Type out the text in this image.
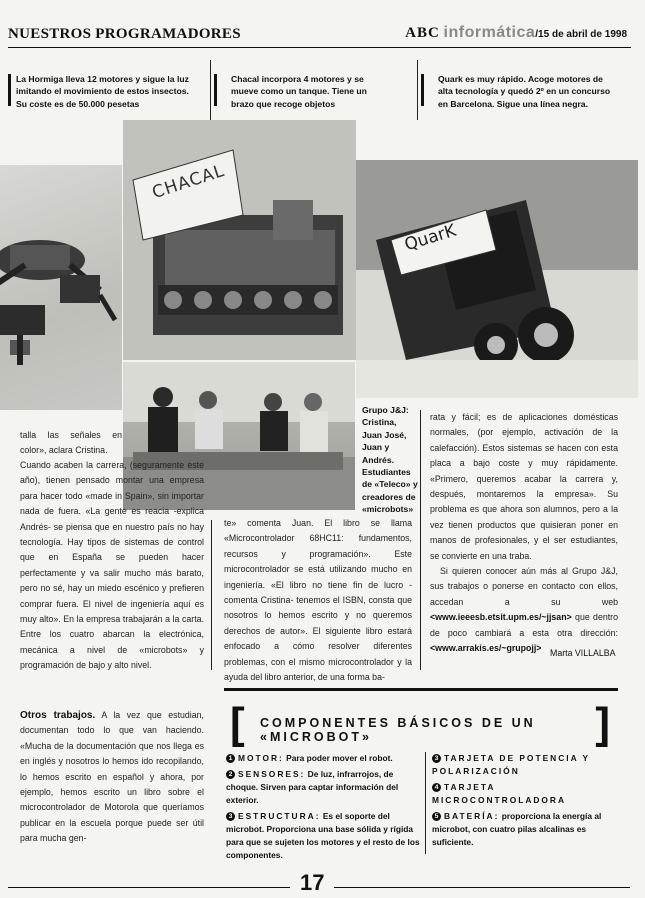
NUESTROS PROGRAMADORES	ABC informática/15 de abril de 1998
La Hormiga lleva 12 motores y sigue la luz imitando el movimiento de estos insectos. Su coste es de 50.000 pesetas
Chacal incorpora 4 motores y se mueve como un tanque. Tiene un brazo que recoge objetos
Quark es muy rápido. Acoge motores de alta tecnología y quedó 2º en un concurso en Barcelona. Sigue una línea negra.
CHACAL
QuarK
Grupo J&J: Cristina, Juan José, Juan y Andrés. Estudiantes de «Teleco» y creadores de «microbots»

talla las señales en color», aclara Cristina.

Cuando acaben la carrera, (seguramente este año), tienen pensado montar una empresa para hacer todo «made in Spain», sin importar nada de fuera. «La gente es reacia -explica Andrés- se piensa que en nuestro país no hay tecnología. Hay tipos de sistemas de control que en España se pueden hacer perfectamente y va salir mucho más barato, pero no sé, hay un miedo escénico y prefieren comprar fuera. El nivel de ingeniería aquí es muy alto». En la empresa trabajarán a la carta. Entre los cuatro abarcan la electrónica, mecánica a nivel de «microbots» y programación de bajo y alto nivel.

Otros trabajos. A la vez que estudian, documentan todo lo que van haciendo. «Mucha de la documentación que nos llega es en inglés y nosotros lo hemos ido recopilando, lo hemos escrito en español y ahora, por ejemplo, hemos escrito un libro sobre el microcontrolador de Motorola que queríamos publicar en la escuela porque puede ser útil para mucha gen-

te» comenta Juan. El libro se llama «Microcontrolador 68HC11: fundamentos, recursos y programación». Este microcontrolador se está utilizando mucho en ingeniería. «El libro no tiene fin de lucro -comenta Cristina- tenemos el ISBN, consta que nosotros lo hemos escrito y no queremos derechos de autor». El siguiente libro estará enfocado a cómo resolver diferentes problemas, con el mismo microcontrolador y la ayuda del libro anterior, de una forma ba-

rata y fácil; es de aplicaciones domésticas normales, (por ejemplo, activación de la calefacción). Estos sistemas se hacen con esta placa a bajo coste y muy rápidamente. «Primero, queremos acabar la carrera y, después, montaremos la empresa». Su problema es que ahora son alumnos, pero a la vez tienen productos que quisieran poner en manos de profesionales, y el ser estudiantes, se convierte en una traba.

Si quieren conocer aún más al Grupo J&J, sus trabajos o ponerse en contacto con ellos, accedan a su web <www.ieeesb.etsit.upm.es/~jjsan> que dentro de poco cambiará a esta otra dirección: <www.arrakis.es/~grupojj> Marta VILLALBA
[ COMPONENTES BÁSICOS DE UN «MICROBOT»	]
1 MOTOR: Para poder mover el robot.
2 SENSORES: De luz, infrarrojos, de choque. Sirven para captar información del exterior.
3 ESTRUCTURA: Es el soporte del microbot. Proporciona una base sólida y rígida para que se sujeten los motores y el resto de los componentes.
3 TARJETA DE POTENCIA Y POLARIZACIÓN
4 TARJETA MICROCONTROLADORA
5 BATERÍA: proporciona la energía al microbot, con cuatro pilas alcalinas es suficiente.
17
